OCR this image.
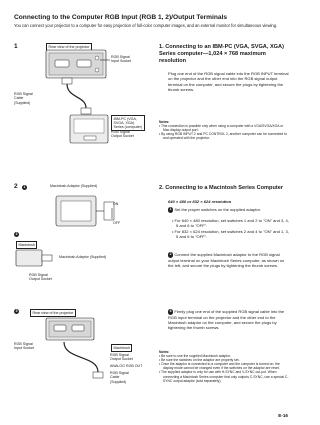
Connecting to the Computer RGB Input (RGB 1, 2)/Output Terminals
You can connect your projector to a computer for easy projection of full-color computer images, and an external monitor for simultaneous viewing.
1	Rear view of the projector
RGB Signal
Input Socket
RGB Signal
Cable
(Supplied)
IBM-PC (VGA,
SVGA, XGA)
Series (computer)
RGB Signal
Output Socket
1. Connecting to an IBM-PC (VGA, SVGA, XGA) Series computer—1,024 × 768 maximum resolution
Plug one end of the RGB signal cable into the RGB INPUT terminal on the projector and the other end into the RGB signal output terminal on the computer, and secure the plugs by tightening the thumb screws.
Notes:
• This connection is possible only when using a computer with a VGA/SVGA/XGA or Mac display output port.
• By using RGB INPUT 2 and PC CONTROL 2, another computer can be connected to and operated with the projector.
2	1	Macintosh Adaptor (Supplied)
ON
OFF
2
Macintosh Adaptor (Supplied)
Macintosh
RGB Signal
Output Socket
3	Rear view of the projector
RGB Signal
Input Socket	Macintosh
RGB Signal
Output Socket
ANALOG RGB OUT
RGB Signal
Cable
(Supplied)
2. Connecting to a Macintosh Series Computer
640 × 480 or 832 × 624 resolution
1 Set the proper switches on the supplied adaptor.
• For 640 × 480 resolution, set switches 1 and 2 to "ON" and 3, 4, 5 and 6 to "OFF".
• For 832 × 624 resolution, set switches 2 and 4 to "ON" and 1, 3, 5 and 6 to "OFF".
2 Connect the supplied Macintosh adaptor to the RGB signal output terminal on your Macintosh Series computer, as shown on the left, and secure the plugs by tightening the thumb screws.
3 Firmly plug one end of the supplied RGB signal cable into the RGB input terminal on the projector and the other end to the Macintosh adaptor on the computer, and secure the plugs by tightening the thumb screws.
Notes:
• Be sure to use the supplied Macintosh adaptor.
• Be sure the switches on the adaptor are properly set.
• Once the adaptor is connected to a computer and the computer is turned on, the display mode cannot be changed even if the switches on the adaptor are reset.
• The supplied adaptor is only for use with H-SYNC and V-SYNC out-put. When connecting a Macintosh Series computer that only outputs C-SYNC, use a special C-SYNC output adaptor (sold separately).
E-16
